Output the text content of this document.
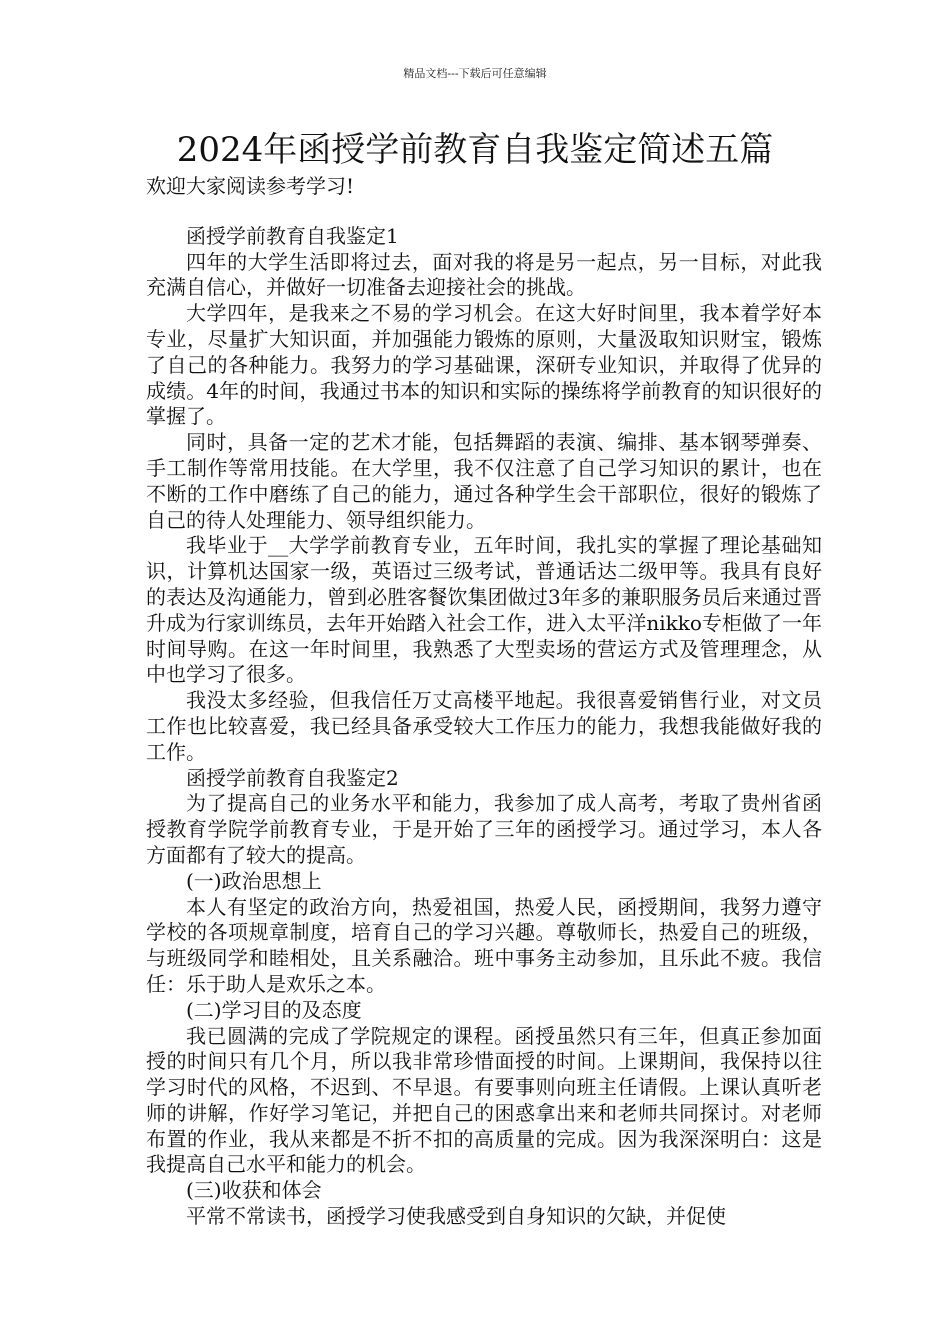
精品文档---下载后可任意编辑
2024年函授学前教育自我鉴定简述五篇

欢迎大家阅读参考学习!

函授学前教育自我鉴定1

四年的大学生活即将过去，面对我的将是另一起点，另一目标，对此我充满自信心，并做好一切准备去迎接社会的挑战。

大学四年，是我来之不易的学习机会。在这大好时间里，我本着学好本专业，尽量扩大知识面，并加强能力锻炼的原则，大量汲取知识财宝，锻炼了自己的各种能力。我努力的学习基础课，深研专业知识，并取得了优异的成绩。4年的时间，我通过书本的知识和实际的操练将学前教育的知识很好的掌握了。

同时，具备一定的艺术才能，包括舞蹈的表演、编排、基本钢琴弹奏、手工制作等常用技能。在大学里，我不仅注意了自己学习知识的累计，也在不断的工作中磨练了自己的能力，通过各种学生会干部职位，很好的锻炼了自己的待人处理能力、领导组织能力。

我毕业于__大学学前教育专业，五年时间，我扎实的掌握了理论基础知识，计算机达国家一级，英语过三级考试，普通话达二级甲等。我具有良好的表达及沟通能力，曾到必胜客餐饮集团做过3年多的兼职服务员后来通过晋升成为行家训练员，去年开始踏入社会工作，进入太平洋nikko专柜做了一年时间导购。在这一年时间里，我熟悉了大型卖场的营运方式及管理理念，从中也学习了很多。

我没太多经验，但我信任万丈高楼平地起。我很喜爱销售行业，对文员工作也比较喜爱，我已经具备承受较大工作压力的能力，我想我能做好我的工作。

函授学前教育自我鉴定2

为了提高自己的业务水平和能力，我参加了成人高考，考取了贵州省函授教育学院学前教育专业，于是开始了三年的函授学习。通过学习，本人各方面都有了较大的提高。

(一)政治思想上

本人有坚定的政治方向，热爱祖国，热爱人民，函授期间，我努力遵守学校的各项规章制度，培育自己的学习兴趣。尊敬师长，热爱自己的班级，与班级同学和睦相处，且关系融洽。班中事务主动参加，且乐此不疲。我信任：乐于助人是欢乐之本。

(二)学习目的及态度

我已圆满的完成了学院规定的课程。函授虽然只有三年，但真正参加面授的时间只有几个月，所以我非常珍惜面授的时间。上课期间，我保持以往学习时代的风格，不迟到、不早退。有要事则向班主任请假。上课认真听老师的讲解，作好学习笔记，并把自己的困惑拿出来和老师共同探讨。对老师布置的作业，我从来都是不折不扣的高质量的完成。因为我深深明白：这是我提高自己水平和能力的机会。

(三)收获和体会

平常不常读书，函授学习使我感受到自身知识的欠缺，并促使
